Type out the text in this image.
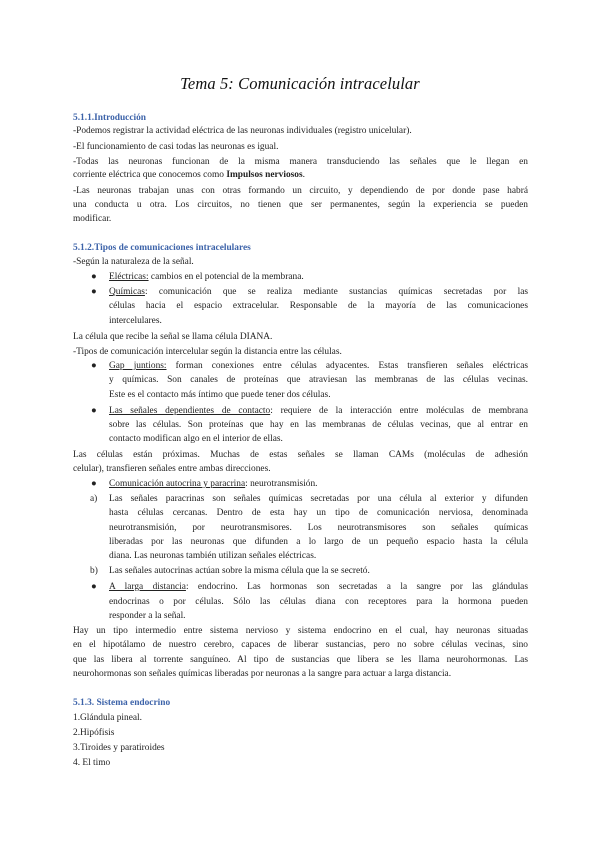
Tema 5: Comunicación intracelular
5.1.1.Introducción
-Podemos registrar la actividad eléctrica de las neuronas individuales (registro unicelular).
-El funcionamiento de casi todas las neuronas es igual.
-Todas las neuronas funcionan de la misma manera transduciendo las señales que le llegan en
corriente eléctrica que conocemos como Impulsos nerviosos.
-Las neuronas trabajan unas con otras formando un circuito, y dependiendo de por donde pase habrá
una conducta u otra. Los circuitos, no tienen que ser permanentes, según la experiencia se pueden
modificar.
5.1.2.Tipos de comunicaciones intracelulares
-Según la naturaleza de la señal.
● Eléctricas: cambios en el potencial de la membrana.
● Químicas: comunicación que se realiza mediante sustancias químicas secretadas por las
células hacia el espacio extracelular. Responsable de la mayoría de las comunicaciones
intercelulares.
La célula que recibe la señal se llama célula DIANA.
-Tipos de comunicación intercelular según la distancia entre las células.
● Gap juntions: forman conexiones entre células adyacentes. Estas transfieren señales eléctricas
y químicas. Son canales de proteínas que atraviesan las membranas de las células vecinas.
Este es el contacto más íntimo que puede tener dos células.
● Las señales dependientes de contacto: requiere de la interacción entre moléculas de membrana
sobre las células. Son proteínas que hay en las membranas de células vecinas, que al entrar en
contacto modifican algo en el interior de ellas.
Las células están próximas. Muchas de estas señales se llaman CAMs (moléculas de adhesión
celular), transfieren señales entre ambas direcciones.
● Comunicación autocrina y paracrina: neurotransmisión.
a) Las señales paracrinas son señales químicas secretadas por una célula al exterior y difunden
hasta células cercanas. Dentro de esta hay un tipo de comunicación nerviosa, denominada
neurotransmisión, por neurotransmisores. Los neurotransmisores son señales químicas
liberadas por las neuronas que difunden a lo largo de un pequeño espacio hasta la célula
diana. Las neuronas también utilizan señales eléctricas.
b) Las señales autocrinas actúan sobre la misma célula que la se secretó.
● A larga distancia: endocrino. Las hormonas son secretadas a la sangre por las glándulas
endocrinas o por células. Sólo las células diana con receptores para la hormona pueden
responder a la señal.
Hay un tipo intermedio entre sistema nervioso y sistema endocrino en el cual, hay neuronas situadas
en el hipotálamo de nuestro cerebro, capaces de liberar sustancias, pero no sobre células vecinas, sino
que las libera al torrente sanguíneo. Al tipo de sustancias que libera se les llama neurohormonas. Las
neurohormonas son señales químicas liberadas por neuronas a la sangre para actuar a larga distancia.
5.1.3. Sistema endocrino
1.Glándula pineal.
2.Hipófisis
3.Tiroides y paratiroides
4. El timo
